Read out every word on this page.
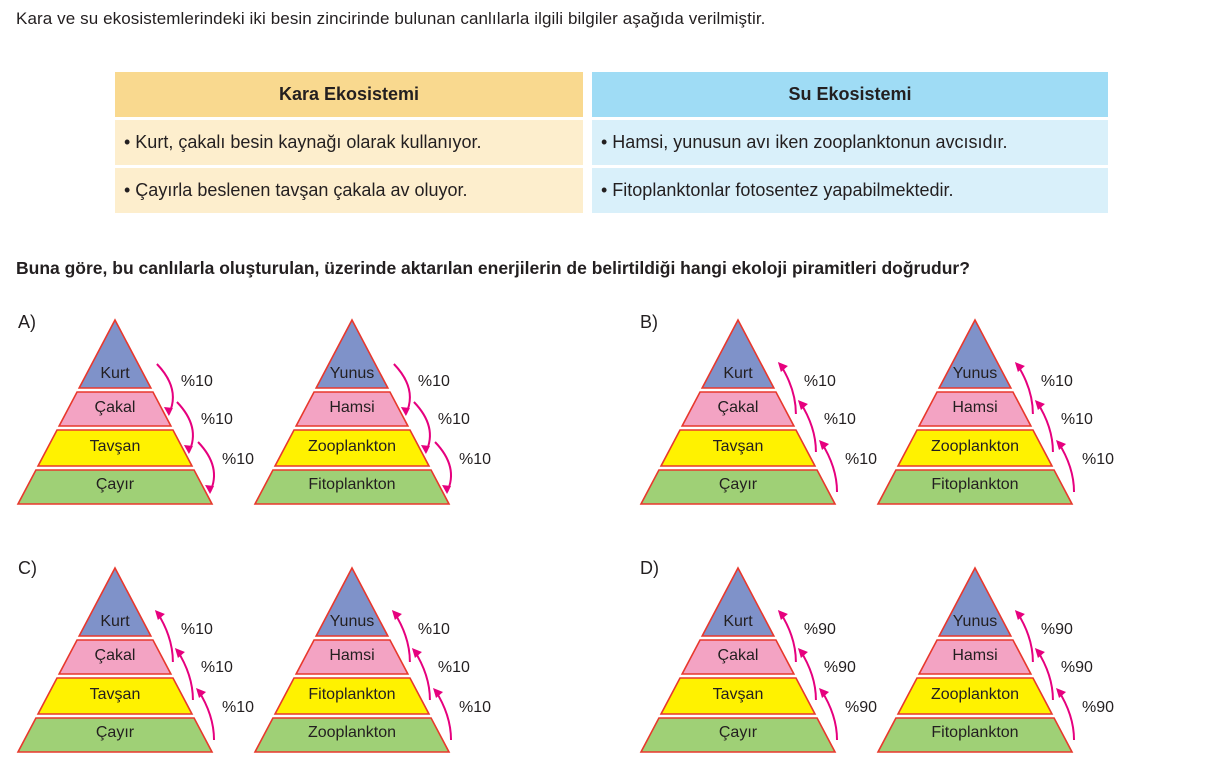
Kara ve su ekosistemlerindeki iki besin zincirinde bulunan canlılarla ilgili bilgiler aşağıda verilmiştir.
Kara Ekosistemi		Su Ekosistemi
• Kurt, çakalı besin kaynağı olarak kullanıyor.		• Hamsi, yunusun avı iken zooplanktonun avcısıdır.
• Çayırla beslenen tavşan çakala av oluyor.		• Fitoplanktonlar fotosentez yapabilmektedir.
Buna göre, bu canlılarla oluşturulan, üzerinde aktarılan enerjilerin de belirtildiği hangi ekoloji piramitleri doğrudur?
A)	B)
C)	D)
Kurt
Çakal
Tavşan
Çayır
%10
%10
%10
Yunus
Hamsi
Zooplankton
Fitoplankton
%10
%10
%10
Kurt
Çakal
Tavşan
Çayır
%10
%10
%10
Yunus
Hamsi
Zooplankton
Fitoplankton
%10
%10
%10
Kurt
Çakal
Tavşan
Çayır
%10
%10
%10
Yunus
Hamsi
Fitoplankton
Zooplankton
%10
%10
%10
Kurt
Çakal
Tavşan
Çayır
%90
%90
%90
Yunus
Hamsi
Zooplankton
Fitoplankton
%90
%90
%90
